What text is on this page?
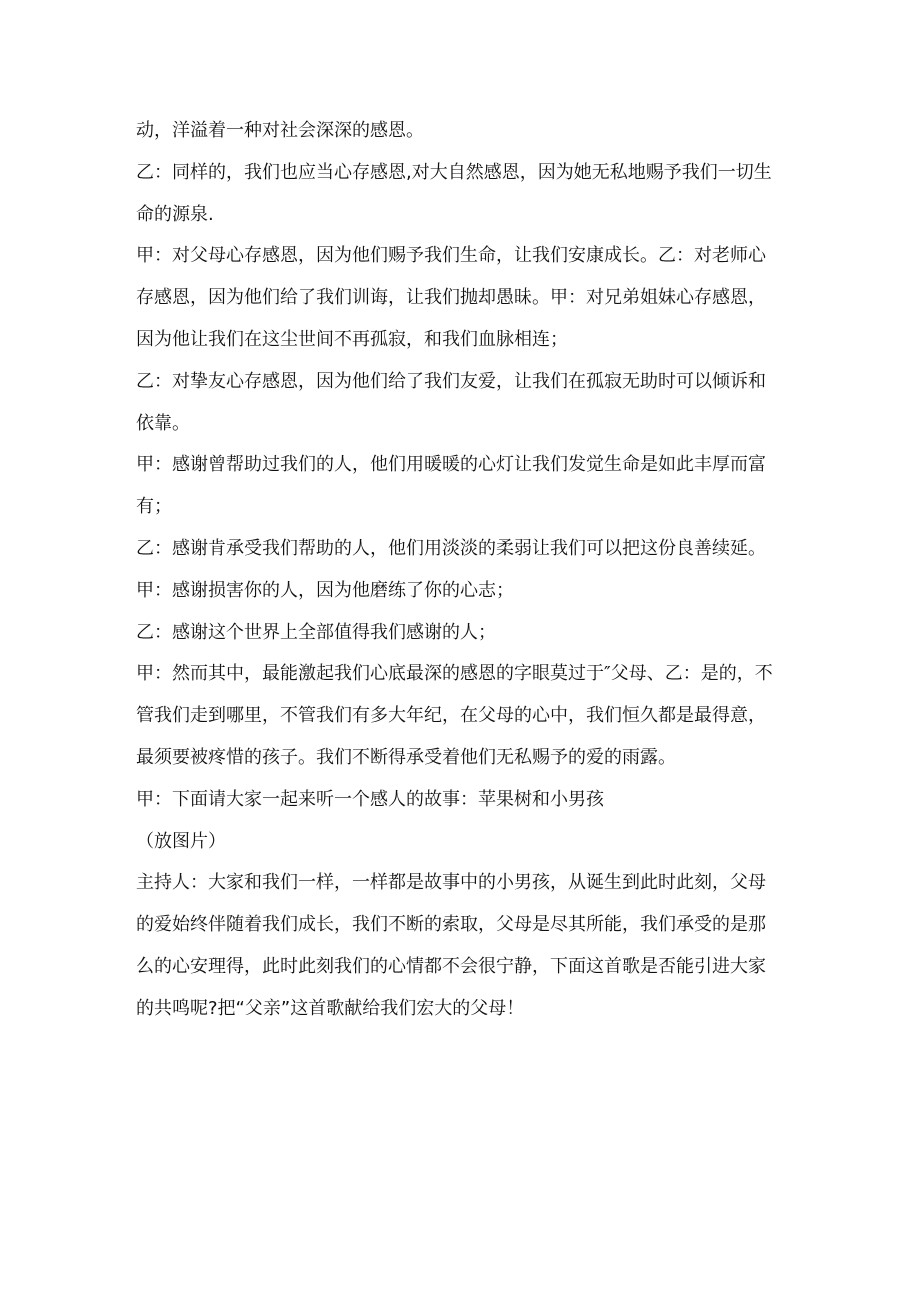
动，洋溢着一种对社会深深的感恩。
乙：同样的，我们也应当心存感恩,对大自然感恩，因为她无私地赐予我们一切生
命的源泉.
甲：对父母心存感恩，因为他们赐予我们生命，让我们安康成长。乙：对老师心
存感恩，因为他们给了我们训诲，让我们抛却愚昧。甲：对兄弟姐妹心存感恩，
因为他让我们在这尘世间不再孤寂，和我们血脉相连；
乙：对挚友心存感恩，因为他们给了我们友爱，让我们在孤寂无助时可以倾诉和
依靠。
甲：感谢曾帮助过我们的人，他们用暖暖的心灯让我们发觉生命是如此丰厚而富
有；
乙：感谢肯承受我们帮助的人，他们用淡淡的柔弱让我们可以把这份良善续延。
甲：感谢损害你的人，因为他磨练了你的心志；
乙：感谢这个世界上全部值得我们感谢的人；
甲：然而其中，最能激起我们心底最深的感恩的字眼莫过于″父母、乙：是的，不
管我们走到哪里，不管我们有多大年纪，在父母的心中，我们恒久都是最得意，
最须要被疼惜的孩子。我们不断得承受着他们无私赐予的爱的雨露。
甲：下面请大家一起来听一个感人的故事：苹果树和小男孩
（放图片）
主持人：大家和我们一样，一样都是故事中的小男孩，从诞生到此时此刻，父母
的爱始终伴随着我们成长，我们不断的索取，父母是尽其所能，我们承受的是那
么的心安理得，此时此刻我们的心情都不会很宁静，下面这首歌是否能引进大家
的共鸣呢?把“父亲”这首歌献给我们宏大的父母！
